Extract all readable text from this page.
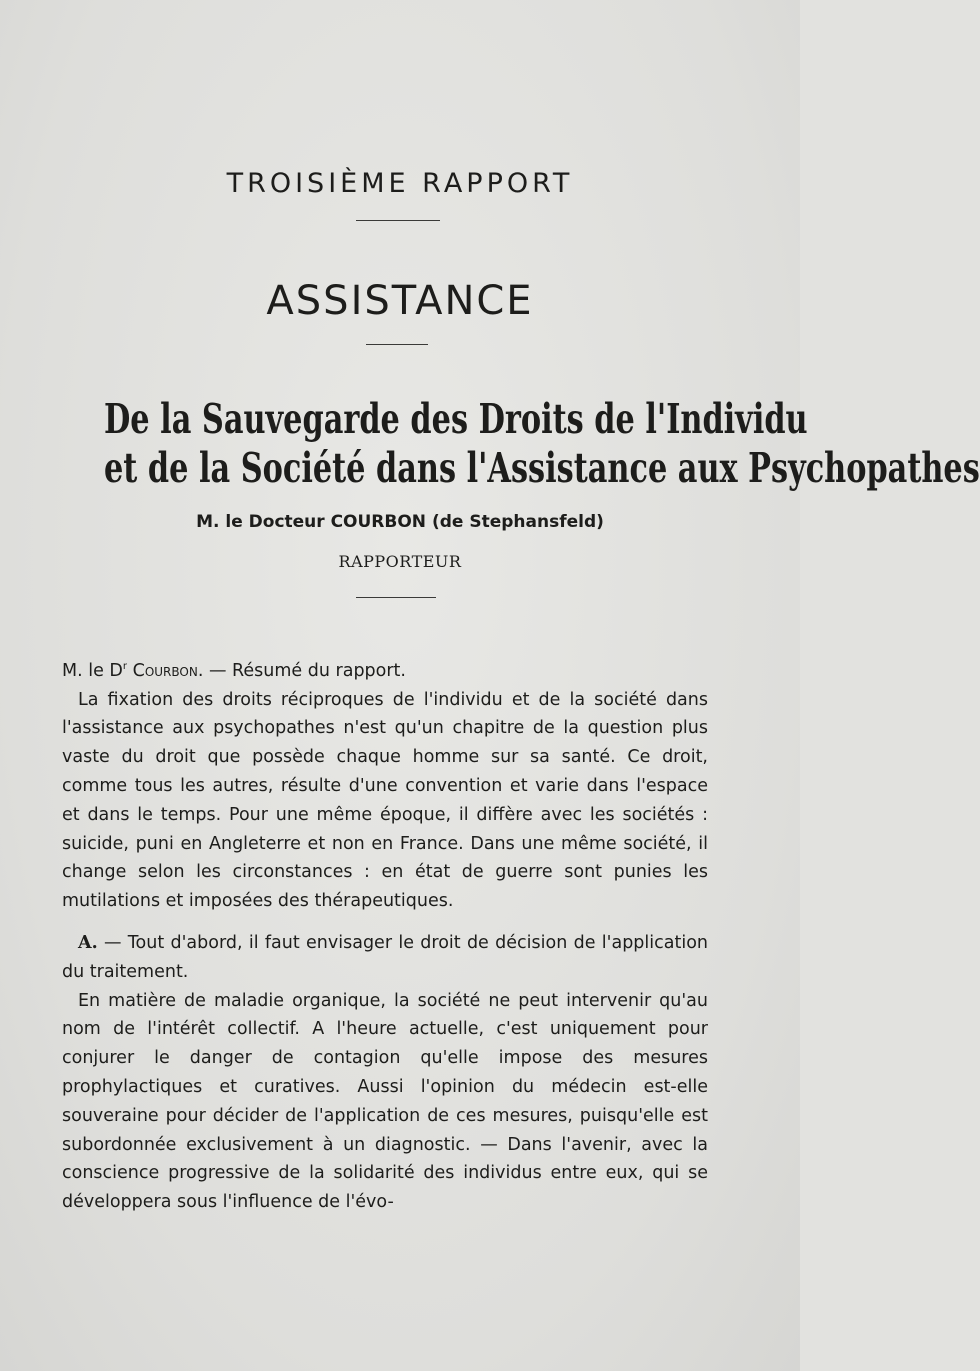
TROISIÈME RAPPORT
ASSISTANCE
De la Sauvegarde des Droits de l'Individu
et de la Société dans l'Assistance aux Psychopathes
M. le Docteur COURBON (de Stephansfeld)
RAPPORTEUR

M. le $D^r$ Courbon. — Résumé du rapport.

La fixation des droits réciproques de l'individu et de la société dans l'assistance aux psychopathes n'est qu'un chapitre de la question plus vaste du droit que possède chaque homme sur sa santé. Ce droit, comme tous les autres, résulte d'une convention et varie dans l'espace et dans le temps. Pour une même époque, il diffère avec les sociétés : suicide, puni en Angleterre et non en France. Dans une même société, il change selon les circonstances : en état de guerre sont punies les mutilations et imposées des thérapeutiques.

A. — Tout d'abord, il faut envisager le droit de décision de l'application du traitement.

En matière de maladie organique, la société ne peut intervenir qu'au nom de l'intérêt collectif. A l'heure actuelle, c'est uniquement pour conjurer le danger de contagion qu'elle impose des mesures prophylactiques et curatives. Aussi l'opinion du médecin est-elle souveraine pour décider de l'application de ces mesures, puisqu'elle est subordonnée exclusivement à un diagnostic. — Dans l'avenir, avec la conscience progressive de la solidarité des individus entre eux, qui se développera sous l'influence de l'évo-
